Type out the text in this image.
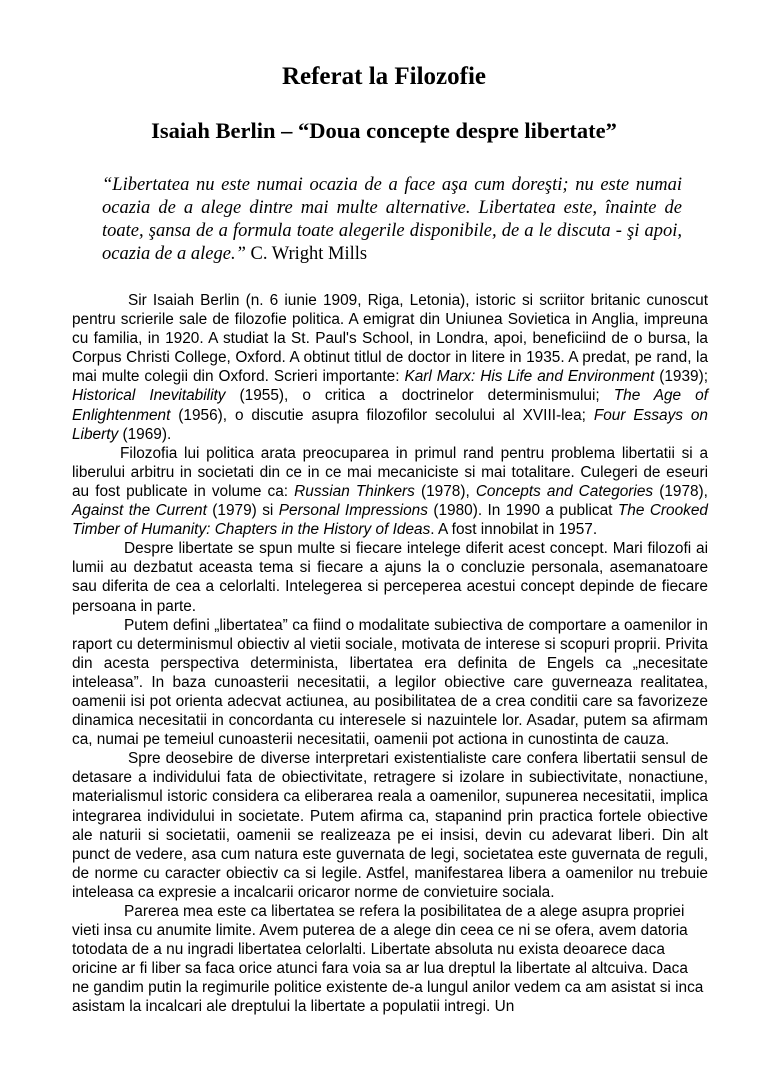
Referat la Filozofie
Isaiah Berlin – “Doua concepte despre libertate”

“Libertatea nu este numai ocazia de a face aşa cum doreşti; nu este numai ocazia de a alege dintre mai multe alternative. Libertatea este, înainte de toate, şansa de a formula toate alegerile disponibile, de a le discuta - şi apoi, ocazia de a alege.” C. Wright Mills

Sir Isaiah Berlin (n. 6 iunie 1909, Riga, Letonia), istoric si scriitor britanic cunoscut pentru scrierile sale de filozofie politica. A emigrat din Uniunea Sovietica in Anglia, impreuna cu familia, in 1920. A studiat la St. Paul's School, in Londra, apoi, beneficiind de o bursa, la Corpus Christi College, Oxford. A obtinut titlul de doctor in litere in 1935. A predat, pe rand, la mai multe colegii din Oxford. Scrieri importante: Karl Marx: His Life and Environment (1939); Historical Inevitability (1955), o critica a doctrinelor determinismului; The Age of Enlightenment (1956), o discutie asupra filozofilor secolului al XVIII-lea; Four Essays on Liberty (1969).

Filozofia lui politica arata preocuparea in primul rand pentru problema libertatii si a liberului arbitru in societati din ce in ce mai mecaniciste si mai totalitare. Culegeri de eseuri au fost publicate in volume ca: Russian Thinkers (1978), Concepts and Categories (1978), Against the Current (1979) si Personal Impressions (1980). In 1990 a publicat The Crooked Timber of Humanity: Chapters in the History of Ideas. A fost innobilat in 1957.

Despre libertate se spun multe si fiecare intelege diferit acest concept. Mari filozofi ai lumii au dezbatut aceasta tema si fiecare a ajuns la o concluzie personala, asemanatoare sau diferita de cea a celorlalti. Intelegerea si perceperea acestui concept depinde de fiecare persoana in parte.

Putem defini „libertatea” ca fiind o modalitate subiectiva de comportare a oamenilor in raport cu determinismul obiectiv al vietii sociale, motivata de interese si scopuri proprii. Privita din acesta perspectiva determinista, libertatea era definita de Engels ca „necesitate inteleasa”. In baza cunoasterii necesitatii, a legilor obiective care guverneaza realitatea, oamenii isi pot orienta adecvat actiunea, au posibilitatea de a crea conditii care sa favorizeze dinamica necesitatii in concordanta cu interesele si nazuintele lor. Asadar, putem sa afirmam ca, numai pe temeiul cunoasterii necesitatii, oamenii pot actiona in cunostinta de cauza.

Spre deosebire de diverse interpretari existentialiste care confera libertatii sensul de detasare a individului fata de obiectivitate, retragere si izolare in subiectivitate, nonactiune, materialismul istoric considera ca eliberarea reala a oamenilor, supunerea necesitatii, implica integrarea individului in societate. Putem afirma ca, stapanind prin practica fortele obiective ale naturii si societatii, oamenii se realizeaza pe ei insisi, devin cu adevarat liberi. Din alt punct de vedere, asa cum natura este guvernata de legi, societatea este guvernata de reguli, de norme cu caracter obiectiv ca si legile. Astfel, manifestarea libera a oamenilor nu trebuie inteleasa ca expresie a incalcarii oricaror norme de convietuire sociala.

Parerea mea este ca libertatea se refera la posibilitatea de a alege asupra propriei vieti insa cu anumite limite. Avem puterea de a alege din ceea ce ni se ofera, avem datoria totodata de a nu ingradi libertatea celorlalti. Libertate absoluta nu exista deoarece daca oricine ar fi liber sa faca orice atunci fara voia sa ar lua dreptul la libertate al altcuiva. Daca ne gandim putin la regimurile politice existente de-a lungul anilor vedem ca am asistat si inca asistam la incalcari ale dreptului la libertate a populatii intregi. Un
